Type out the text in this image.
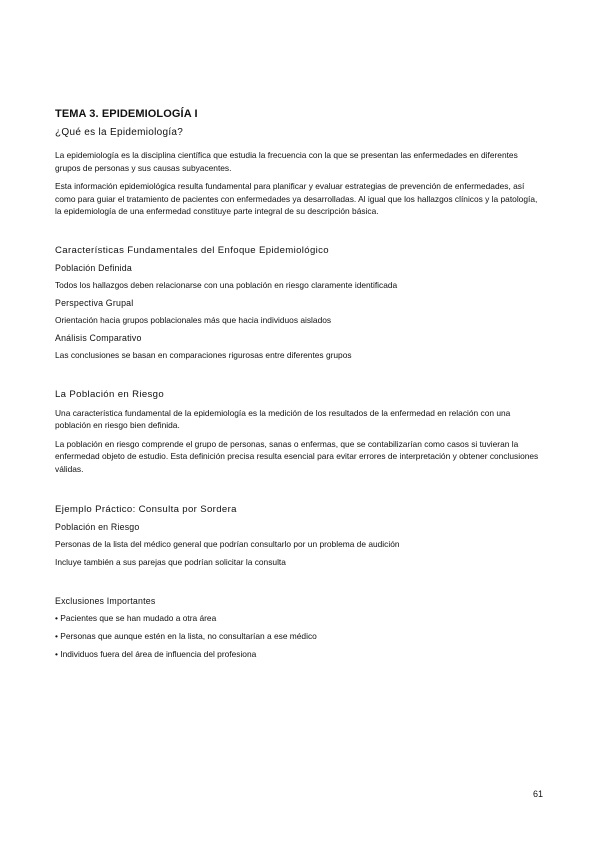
TEMA 3. EPIDEMIOLOGÍA I
¿Qué es la Epidemiología?

La epidemiología es la disciplina científica que estudia la frecuencia con la que se presentan las enfermedades en diferentes grupos de personas y sus causas subyacentes.

Esta información epidemiológica resulta fundamental para planificar y evaluar estrategias de prevención de enfermedades, así como para guiar el tratamiento de pacientes con enfermedades ya desarrolladas. Al igual que los hallazgos clínicos y la patología, la epidemiología de una enfermedad constituye parte integral de su descripción básica.

Características Fundamentales del Enfoque Epidemiológico
Población Definida
Todos los hallazgos deben relacionarse con una población en riesgo claramente identificada
Perspectiva Grupal
Orientación hacia grupos poblacionales más que hacia individuos aislados
Análisis Comparativo
Las conclusiones se basan en comparaciones rigurosas entre diferentes grupos
La Población en Riesgo

Una característica fundamental de la epidemiología es la medición de los resultados de la enfermedad en relación con una población en riesgo bien definida.

La población en riesgo comprende el grupo de personas, sanas o enfermas, que se contabilizarían como casos si tuvieran la enfermedad objeto de estudio. Esta definición precisa resulta esencial para evitar errores de interpretación y obtener conclusiones válidas.

Ejemplo Práctico: Consulta por Sordera
Población en Riesgo
Personas de la lista del médico general que podrían consultarlo por un problema de audición
Incluye también a sus parejas que podrían solicitar la consulta
Exclusiones Importantes
• Pacientes que se han mudado a otra área
• Personas que aunque estén en la lista, no consultarían a ese médico
• Individuos fuera del área de influencia del profesiona
61
